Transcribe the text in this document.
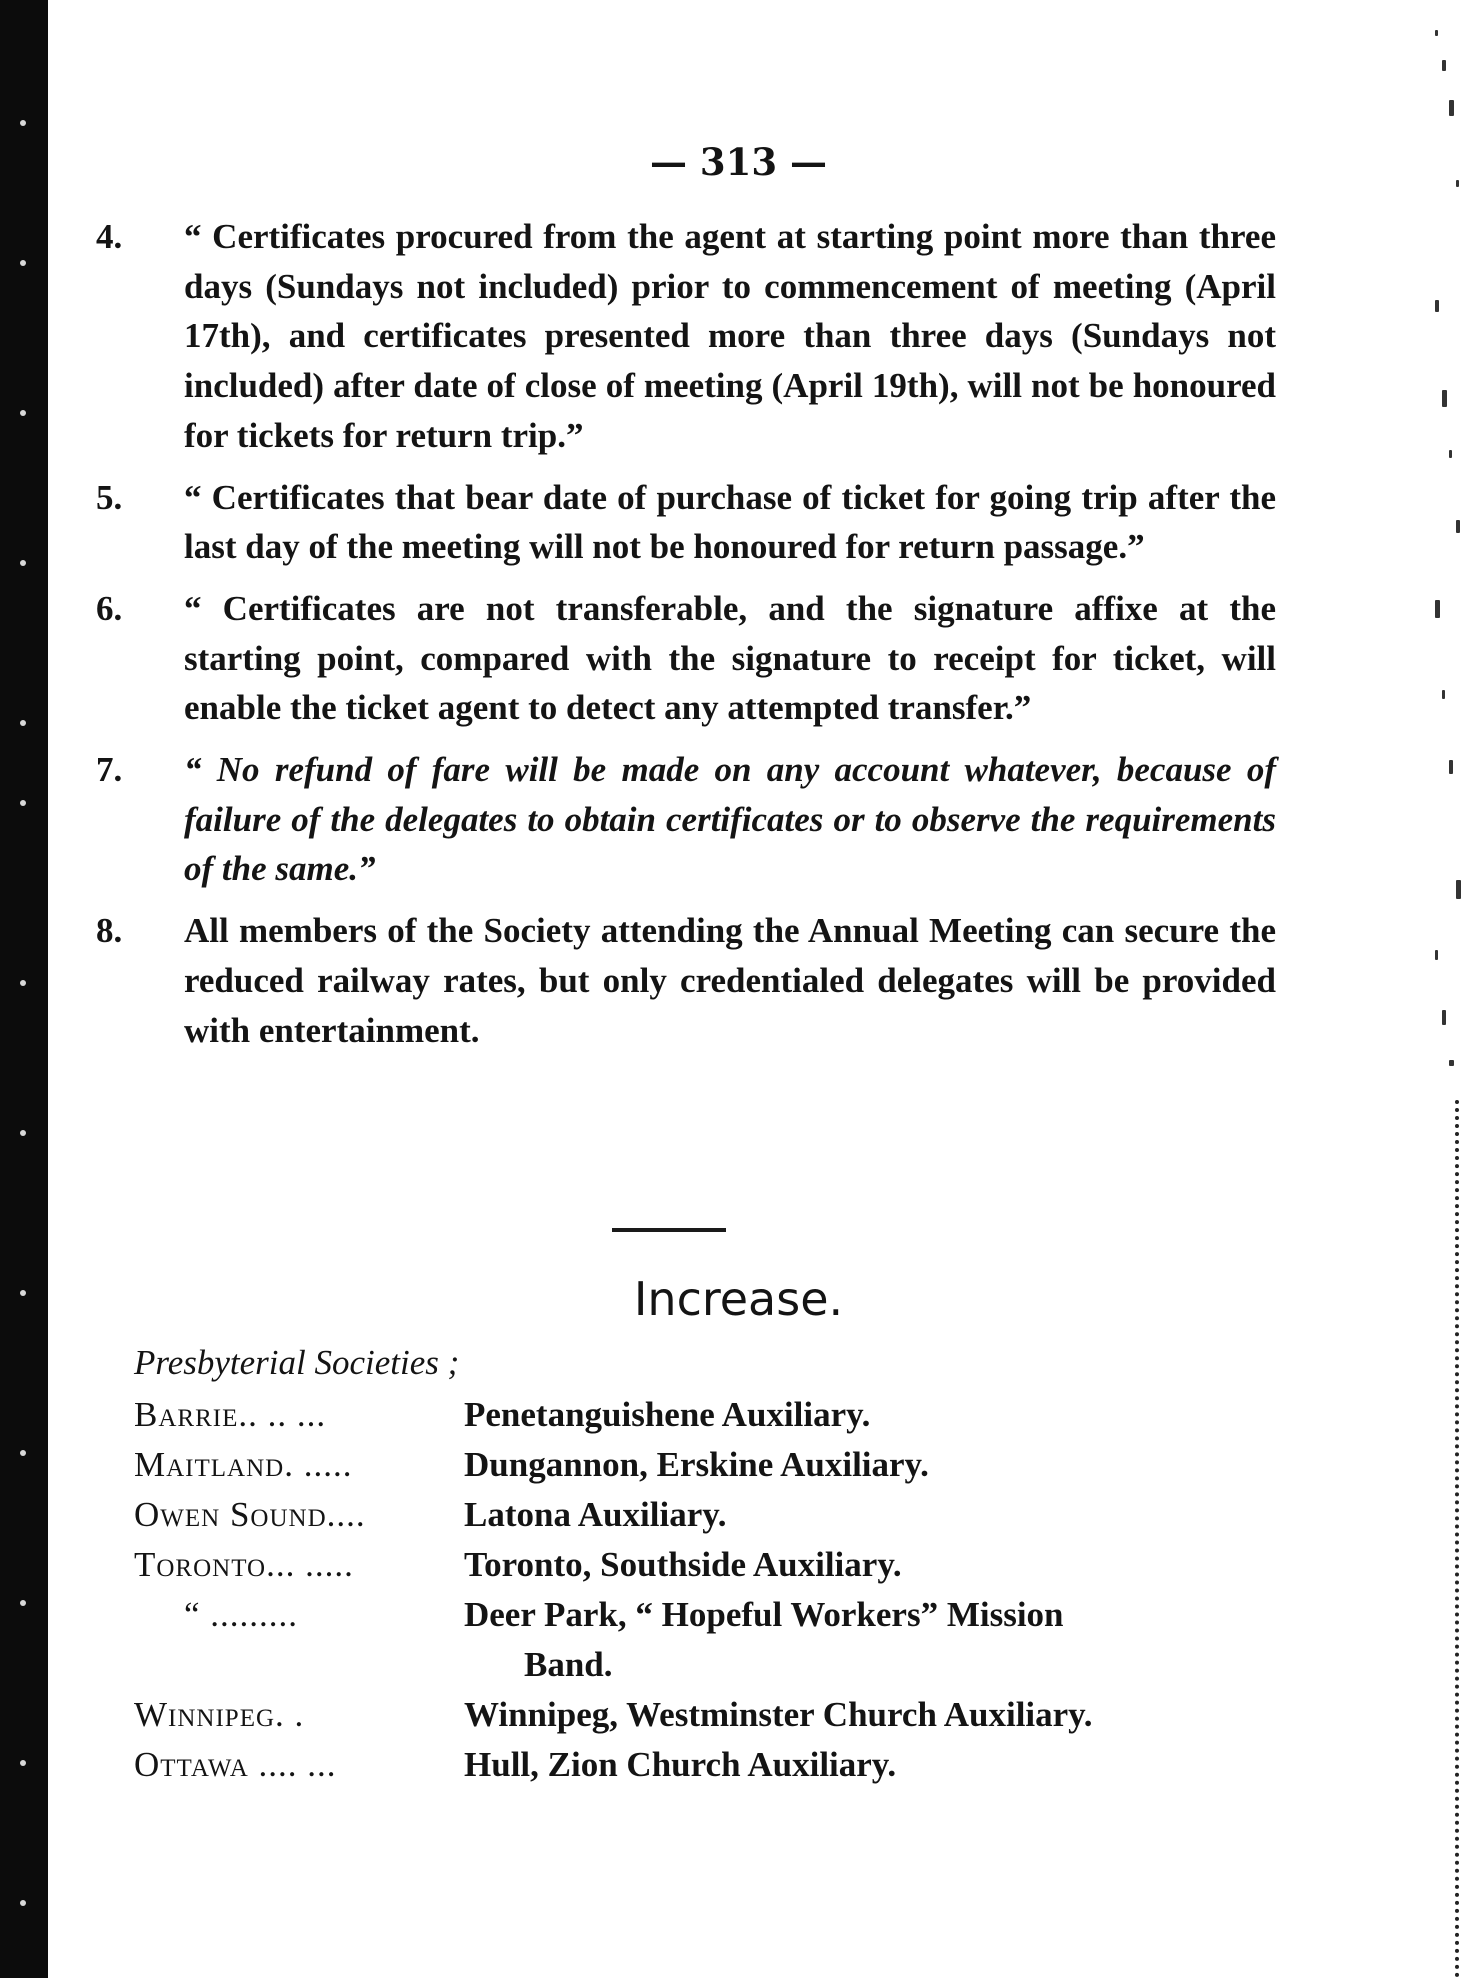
— 313 —
4.	“ Certificates procured from the agent at starting point more than three days (Sundays not included) prior to commencement of meeting (April 17th), and certificates presented more than three days (Sundays not included) after date of close of meeting (April 19th), will not be honoured for tickets for return trip.”
5.	“ Certificates that bear date of purchase of ticket for going trip after the last day of the meeting will not be honoured for return passage.”
6.	“ Certificates are not transferable, and the signature affixe at the starting point, compared with the signature to receipt for ticket, will enable the ticket agent to detect any attempted transfer.”
7.	“ No refund of fare will be made on any account whatever, because of failure of the delegates to obtain certificates or to observe the requirements of the same.”
8.	All members of the Society attending the Annual Meeting can secure the reduced railway rates, but only credentialed delegates will be provided with entertainment.
Increase.
Presbyterial Societies ;
Barrie.. .. ...	Penetanguishene Auxiliary.
Maitland. .....	Dungannon, Erskine Auxiliary.
Owen Sound....	Latona Auxiliary.
Toronto... .....	Toronto, Southside Auxiliary.
“ .........	Deer Park, “ Hopeful Workers” Mission
Band.
Winnipeg. .	Winnipeg, Westminster Church Auxiliary.
Ottawa .... ...	Hull, Zion Church Auxiliary.
